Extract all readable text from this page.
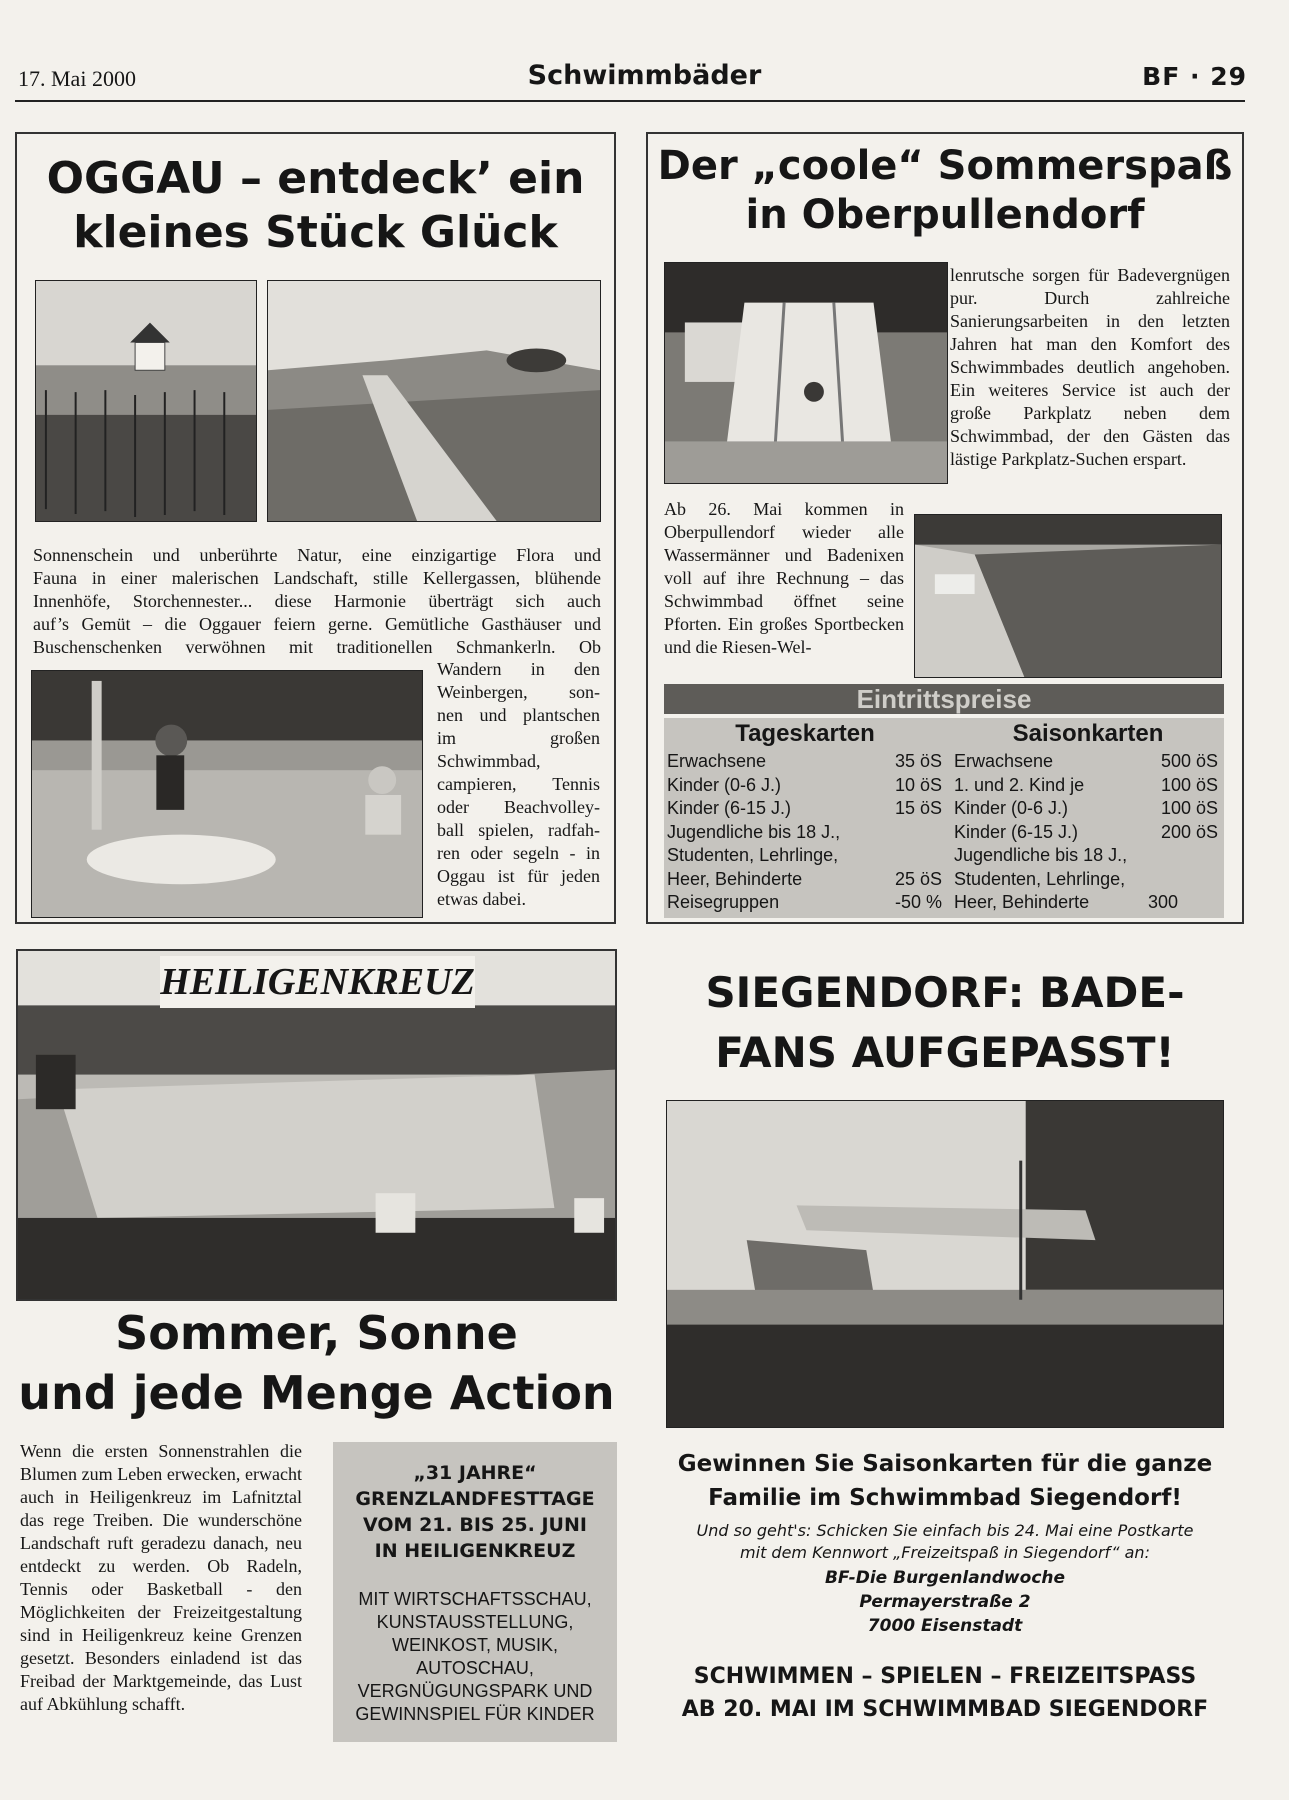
17. Mai 2000	Schwimmbäder	BF · 29
OGGAU – entdeck’ ein
kleines Stück Glück
Sonnenschein und unberührte Natur, eine einzigartige Flora und
Fauna in einer malerischen Landschaft, stille Kellergassen, blühende
Innenhöfe, Storchennester... diese Harmonie überträgt sich auch
auf’s Gemüt – die Oggauer feiern gerne. Gemütliche Gasthäuser und
Buschenschenken verwöhnen mit traditionellen Schmankerln. Ob
Wandern in den
Weinbergen, son-
nen und plantschen
im großen
Schwimmbad,
campieren, Tennis
oder Beachvolley-
ball spielen, radfah-
ren oder segeln - in
Oggau ist für jeden
etwas dabei.
Der „coole“ Sommerspaß
in Oberpullendorf
lenrutsche sorgen für Badevergnügen pur. Durch zahlreiche Sanierungsarbeiten in den letzten Jahren hat man den Komfort des Schwimmbades deutlich angehoben. Ein weiteres Service ist auch der große Parkplatz neben dem Schwimmbad, der den Gästen das lästige Parkplatz-Suchen erspart.
Ab 26. Mai kommen in Oberpullendorf wieder alle Wassermänner und Badenixen voll auf ihre Rechnung – das Schwimmbad öffnet seine Pforten. Ein großes Sportbecken und die Riesen-Wel-
Eintrittspreise
Tageskarten	Saisonkarten
Erwachsene	35 öS
Kinder (0-6 J.)	10 öS
Kinder (6-15 J.)	15 öS
Jugendliche bis 18 J.,
Studenten, Lehrlinge,
Heer, Behinderte	25 öS
Reisegruppen	-50 %
Erwachsene	500 öS
1. und 2. Kind je	100 öS
Kinder (0-6 J.)	100 öS
Kinder (6-15 J.)	200 öS
Jugendliche bis 18 J.,
Studenten, Lehrlinge,
Heer, Behinderte	300
HEILIGENKREUZ
Sommer, Sonne
und jede Menge Action
Wenn die ersten Sonnenstrahlen die Blumen zum Leben erwecken, erwacht auch in Heiligenkreuz im Lafnitztal das rege Treiben. Die wunderschöne Landschaft ruft geradezu danach, neu entdeckt zu werden. Ob Radeln, Tennis oder Basketball - den Möglichkeiten der Freizeitgestaltung sind in Heiligenkreuz keine Grenzen gesetzt. Besonders einladend ist das Freibad der Marktgemeinde, das Lust auf Abkühlung schafft.
„31 JAHRE“
GRENZLANDFESTTAGE
VOM 21. BIS 25. JUNI
IN HEILIGENKREUZ
MIT WIRTSCHAFTSSCHAU,
KUNSTAUSSTELLUNG,
WEINKOST, MUSIK,
AUTOSCHAU,
VERGNÜGUNGSPARK UND
GEWINNSPIEL FÜR KINDER
SIEGENDORF: BADE-
FANS AUFGEPASST!
Gewinnen Sie Saisonkarten für die ganze
Familie im Schwimmbad Siegendorf!
Und so geht's: Schicken Sie einfach bis 24. Mai eine Postkarte
mit dem Kennwort „Freizeitspaß in Siegendorf“ an:
BF-Die Burgenlandwoche
Permayerstraße 2
7000 Eisenstadt
SCHWIMMEN – SPIELEN – FREIZEITSPASS
AB 20. MAI IM SCHWIMMBAD SIEGENDORF
